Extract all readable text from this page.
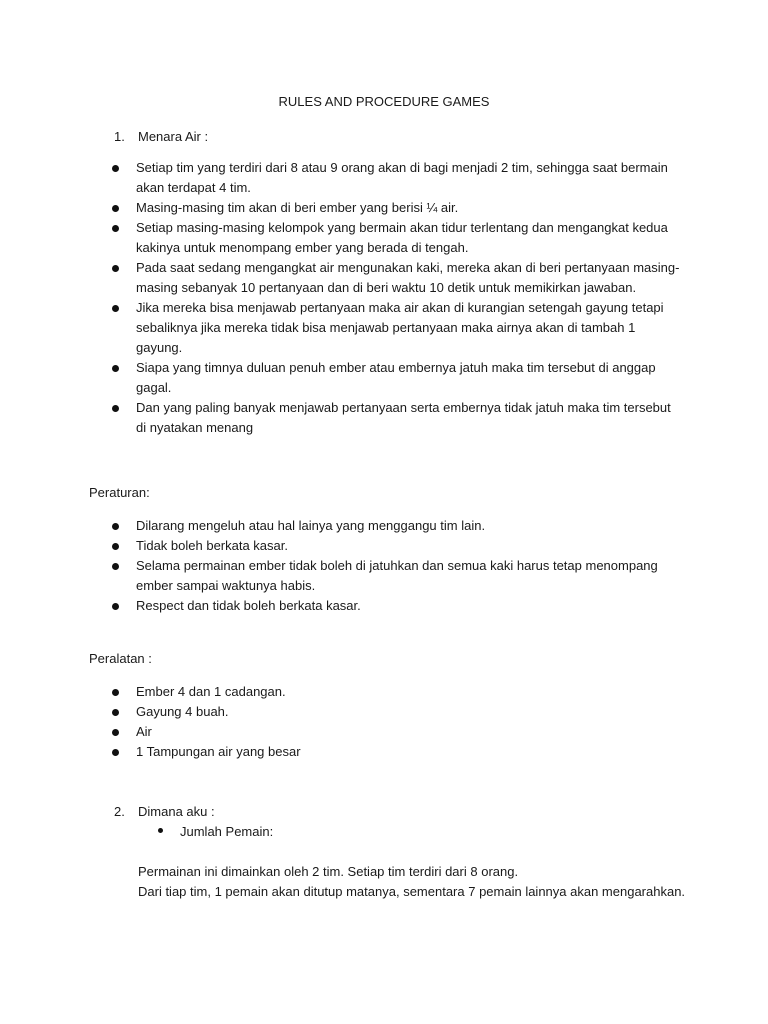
RULES AND PROCEDURE GAMES
1. Menara Air :
Setiap tim yang terdiri dari 8 atau 9 orang akan di bagi menjadi 2 tim, sehingga saat bermain akan terdapat 4 tim.
Masing-masing tim akan di beri ember yang berisi ¼ air.
Setiap masing-masing kelompok yang bermain akan tidur terlentang dan mengangkat kedua kakinya untuk menompang ember yang berada di tengah.
Pada saat sedang mengangkat air mengunakan kaki, mereka akan di beri pertanyaan masing-masing sebanyak 10 pertanyaan dan di beri waktu 10 detik untuk memikirkan jawaban.
Jika mereka bisa menjawab pertanyaan maka air akan di kurangian setengah gayung tetapi sebaliknya jika mereka tidak bisa menjawab pertanyaan maka airnya akan di tambah 1 gayung.
Siapa yang timnya duluan penuh ember atau embernya jatuh maka tim tersebut di anggap gagal.
Dan yang paling banyak menjawab pertanyaan serta embernya tidak jatuh maka tim tersebut di nyatakan menang
Peraturan:
Dilarang mengeluh atau hal lainya yang menggangu tim lain.
Tidak boleh berkata kasar.
Selama permainan ember tidak boleh di jatuhkan dan semua kaki harus tetap menompang ember sampai waktunya habis.
Respect dan tidak boleh berkata kasar.
Peralatan :
Ember 4 dan 1 cadangan.
Gayung 4 buah.
Air
1 Tampungan air yang besar
2. Dimana aku :
Jumlah Pemain:
Permainan ini dimainkan oleh 2 tim. Setiap tim terdiri dari 8 orang.
Dari tiap tim, 1 pemain akan ditutup matanya, sementara 7 pemain lainnya akan mengarahkan.
